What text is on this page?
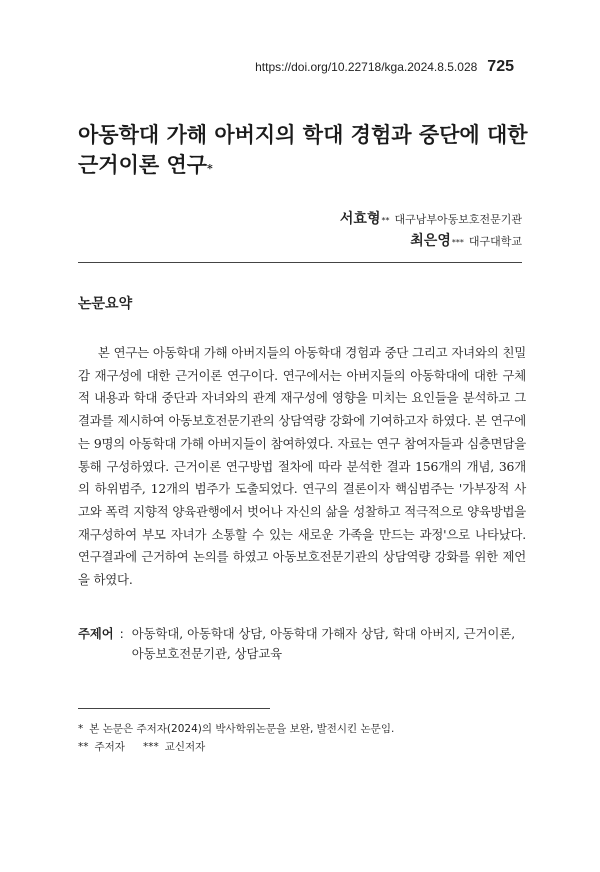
https://doi.org/10.22718/kga.2024.8.5.028 725
아동학대 가해 아버지의 학대 경험과 중단에 대한
근거이론 연구*
서효형 ** 대구남부아동보호전문기관
최은영 *** 대구대학교
논문요약

본 연구는 아동학대 가해 아버지들의 아동학대 경험과 중단 그리고 자녀와의 친밀감 재구성에 대한 근거이론 연구이다. 연구에서는 아버지들의 아동학대에 대한 구체적 내용과 학대 중단과 자녀와의 관계 재구성에 영향을 미치는 요인들을 분석하고 그 결과를 제시하여 아동보호전문기관의 상담역량 강화에 기여하고자 하였다. 본 연구에는 9명의 아동학대 가해 아버지들이 참여하였다. 자료는 연구 참여자들과 심층면담을 통해 구성하였다. 근거이론 연구방법 절차에 따라 분석한 결과 156개의 개념, 36개의 하위범주, 12개의 범주가 도출되었다. 연구의 결론이자 핵심범주는 '가부장적 사고와 폭력 지향적 양육관행에서 벗어나 자신의 삶을 성찰하고 적극적으로 양육방법을 재구성하여 부모 자녀가 소통할 수 있는 새로운 가족을 만드는 과정'으로 나타났다. 연구결과에 근거하여 논의를 하였고 아동보호전문기관의 상담역량 강화를 위한 제언을 하였다.

주제어 : 아동학대, 아동학대 상담, 아동학대 가해자 상담, 학대 아버지, 근거이론, 아동보호전문기관, 상담교육
* 본 논문은 주저자(2024)의 박사학위논문을 보완, 발전시킨 논문임.
** 주저자 *** 교신저자
